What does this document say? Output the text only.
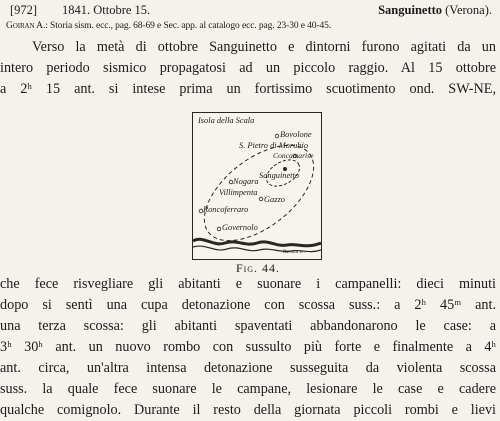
[972] 1841. Ottobre 15.	Sanguinetto (Verona).
Goiran A.: Storia sism. ecc., pag. 68-69 e Sec. app. al catalogo ecc. pag. 23-30 e 40-45.

Verso la metà di ottobre Sanguinetto e dintorni furono agitati da un
intero periodo sismico propagatosi ad un piccolo raggio. Al 15 ottobre
a 2ʰ 15 ant. si intese prima un fortissimo scuotimento ond. SW-NE,

Isola della Scala
Bovolone
S. Pietro di Morubio
Concamarise
Sanguinetto
Nogara
Villimpenta
Gazzo
Roncoferraro
Governolo
Baratta sc.
Fig. 44.

che fece risvegliare gli abitanti e suonare i campanelli: dieci minuti
dopo si sentì una cupa detonazione con scossa suss.: a 2ʰ 45ᵐ ant.
una terza scossa: gli abitanti spaventati abbandonarono le case: a
3ʰ 30ʰ ant. un nuovo rombo con sussulto più forte e finalmente a 4ʰ
ant. circa, un'altra intensa detonazione susseguita da violenta scossa
suss. la quale fece suonare le campane, lesionare le case e cadere
qualche comignolo. Durante il resto della giornata piccoli rombi e lievi
